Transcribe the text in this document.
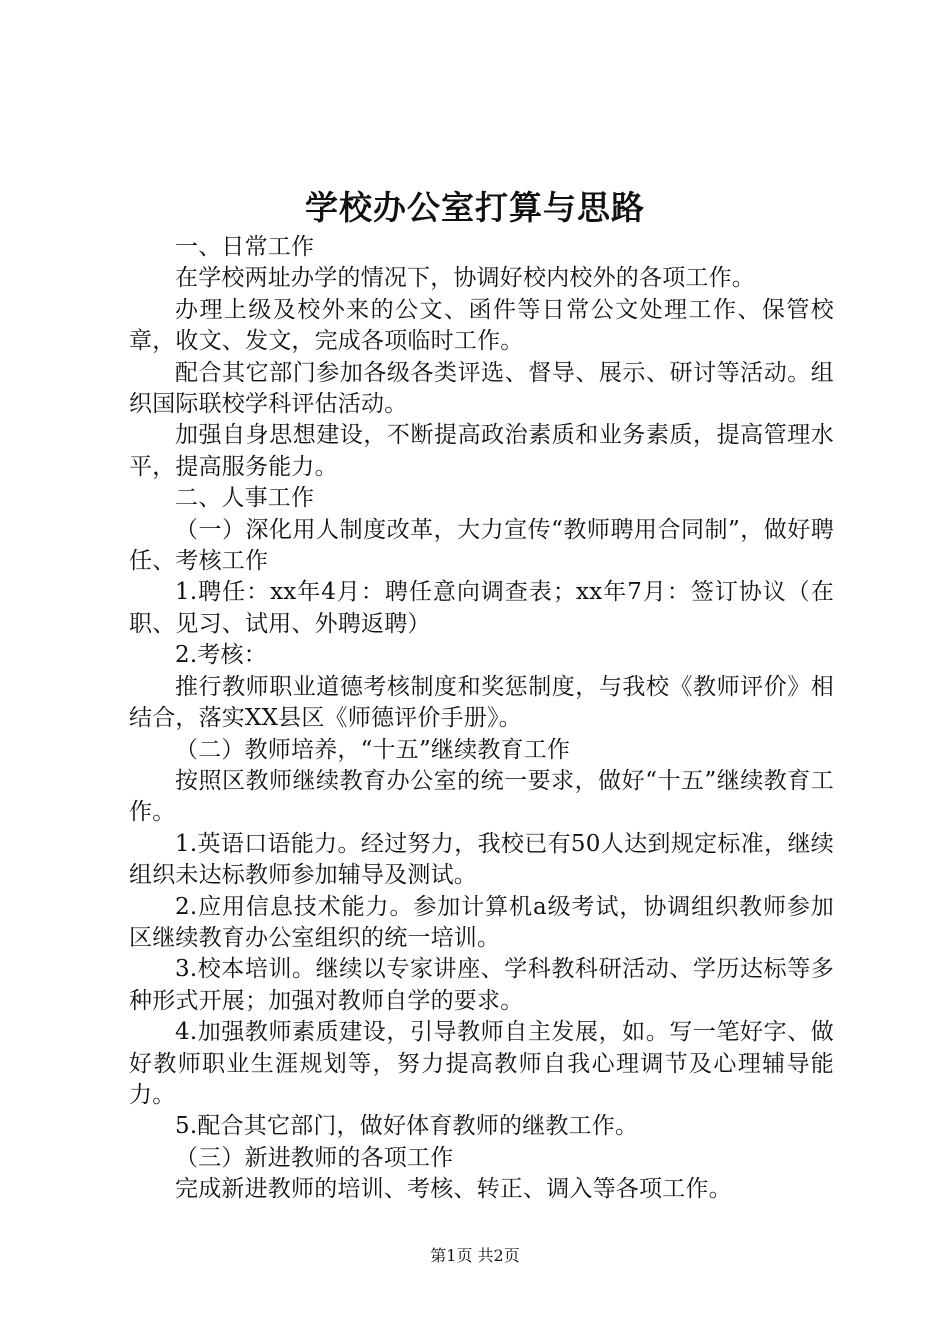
学校办公室打算与思路

一、日常工作

在学校两址办学的情况下，协调好校内校外的各项工作。

办理上级及校外来的公文、函件等日常公文处理工作、保管校章，收文、发文，完成各项临时工作。

配合其它部门参加各级各类评选、督导、展示、研讨等活动。组织国际联校学科评估活动。

加强自身思想建设，不断提高政治素质和业务素质，提高管理水平，提高服务能力。

二、人事工作

（一）深化用人制度改革，大力宣传“教师聘用合同制”，做好聘任、考核工作

1.聘任：xx年4月：聘任意向调查表；xx年7月：签订协议（在职、见习、试用、外聘返聘）

2.考核：

推行教师职业道德考核制度和奖惩制度，与我校《教师评价》相结合，落实XX县区《师德评价手册》。

（二）教师培养，“十五”继续教育工作

按照区教师继续教育办公室的统一要求，做好“十五”继续教育工作。

1.英语口语能力。经过努力，我校已有50人达到规定标准，继续组织未达标教师参加辅导及测试。

2.应用信息技术能力。参加计算机a级考试，协调组织教师参加区继续教育办公室组织的统一培训。

3.校本培训。继续以专家讲座、学科教科研活动、学历达标等多种形式开展；加强对教师自学的要求。

4.加强教师素质建设，引导教师自主发展，如。写一笔好字、做好教师职业生涯规划等，努力提高教师自我心理调节及心理辅导能力。

5.配合其它部门，做好体育教师的继教工作。

（三）新进教师的各项工作

完成新进教师的培训、考核、转正、调入等各项工作。

第1页 共2页
